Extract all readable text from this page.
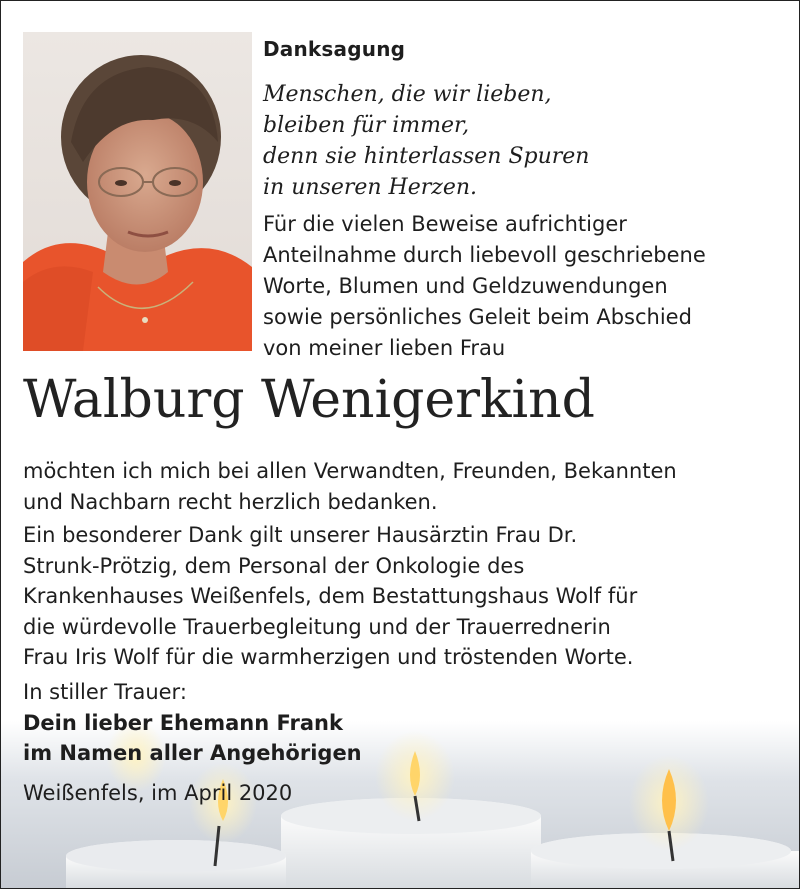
Danksagung
Menschen, die wir lieben,
bleiben für immer,
denn sie hinterlassen Spuren
in unseren Herzen.
Für die vielen Beweise aufrichtiger
Anteilnahme durch liebevoll geschriebene
Worte, Blumen und Geldzuwendungen
sowie persönliches Geleit beim Abschied
von meiner lieben Frau
Walburg Wenigerkind
möchten ich mich bei allen Verwandten, Freunden, Bekannten
und Nachbarn recht herzlich bedanken.
Ein besonderer Dank gilt unserer Hausärztin Frau Dr.
Strunk-Prötzig, dem Personal der Onkologie des
Krankenhauses Weißenfels, dem Bestattungshaus Wolf für
die würdevolle Trauerbegleitung und der Trauerrednerin
Frau Iris Wolf für die warmherzigen und tröstenden Worte.
In stiller Trauer:
Dein lieber Ehemann Frank
im Namen aller Angehörigen
Weißenfels, im April 2020
